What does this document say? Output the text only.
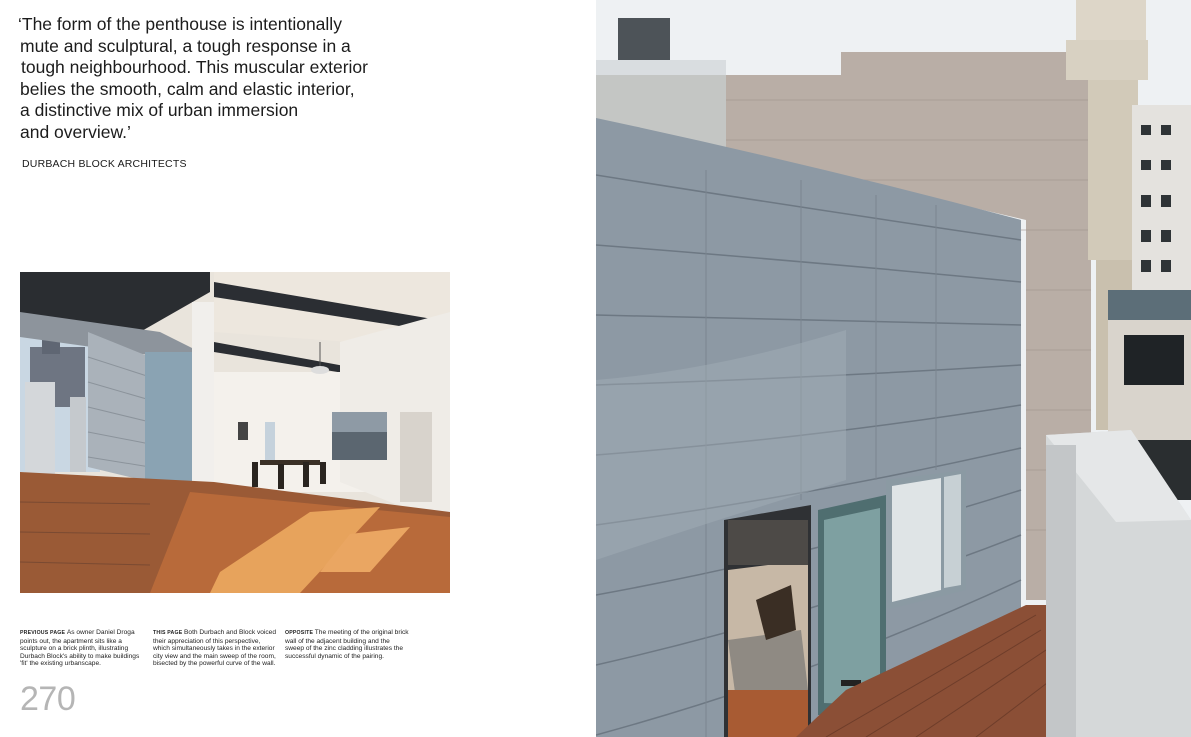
‘The form of the penthouse is intentionally
mute and sculptural, a tough response in a
tough neighbourhood. This muscular exterior
belies the smooth, calm and elastic interior,
a distinctive mix of urban immersion
and overview.’
DURBACH BLOCK ARCHITECTS
PREVIOUS PAGE As owner Daniel Droga points out, the apartment sits like a sculpture on a brick plinth, illustrating Durbach Block's ability to make buildings 'fit' the existing urbanscape.
THIS PAGE Both Durbach and Block voiced their appreciation of this perspective, which simultaneously takes in the exterior city view and the main sweep of the room, bisected by the powerful curve of the wall.
OPPOSITE The meeting of the original brick wall of the adjacent building and the sweep of the zinc cladding illustrates the successful dynamic of the pairing.
270
